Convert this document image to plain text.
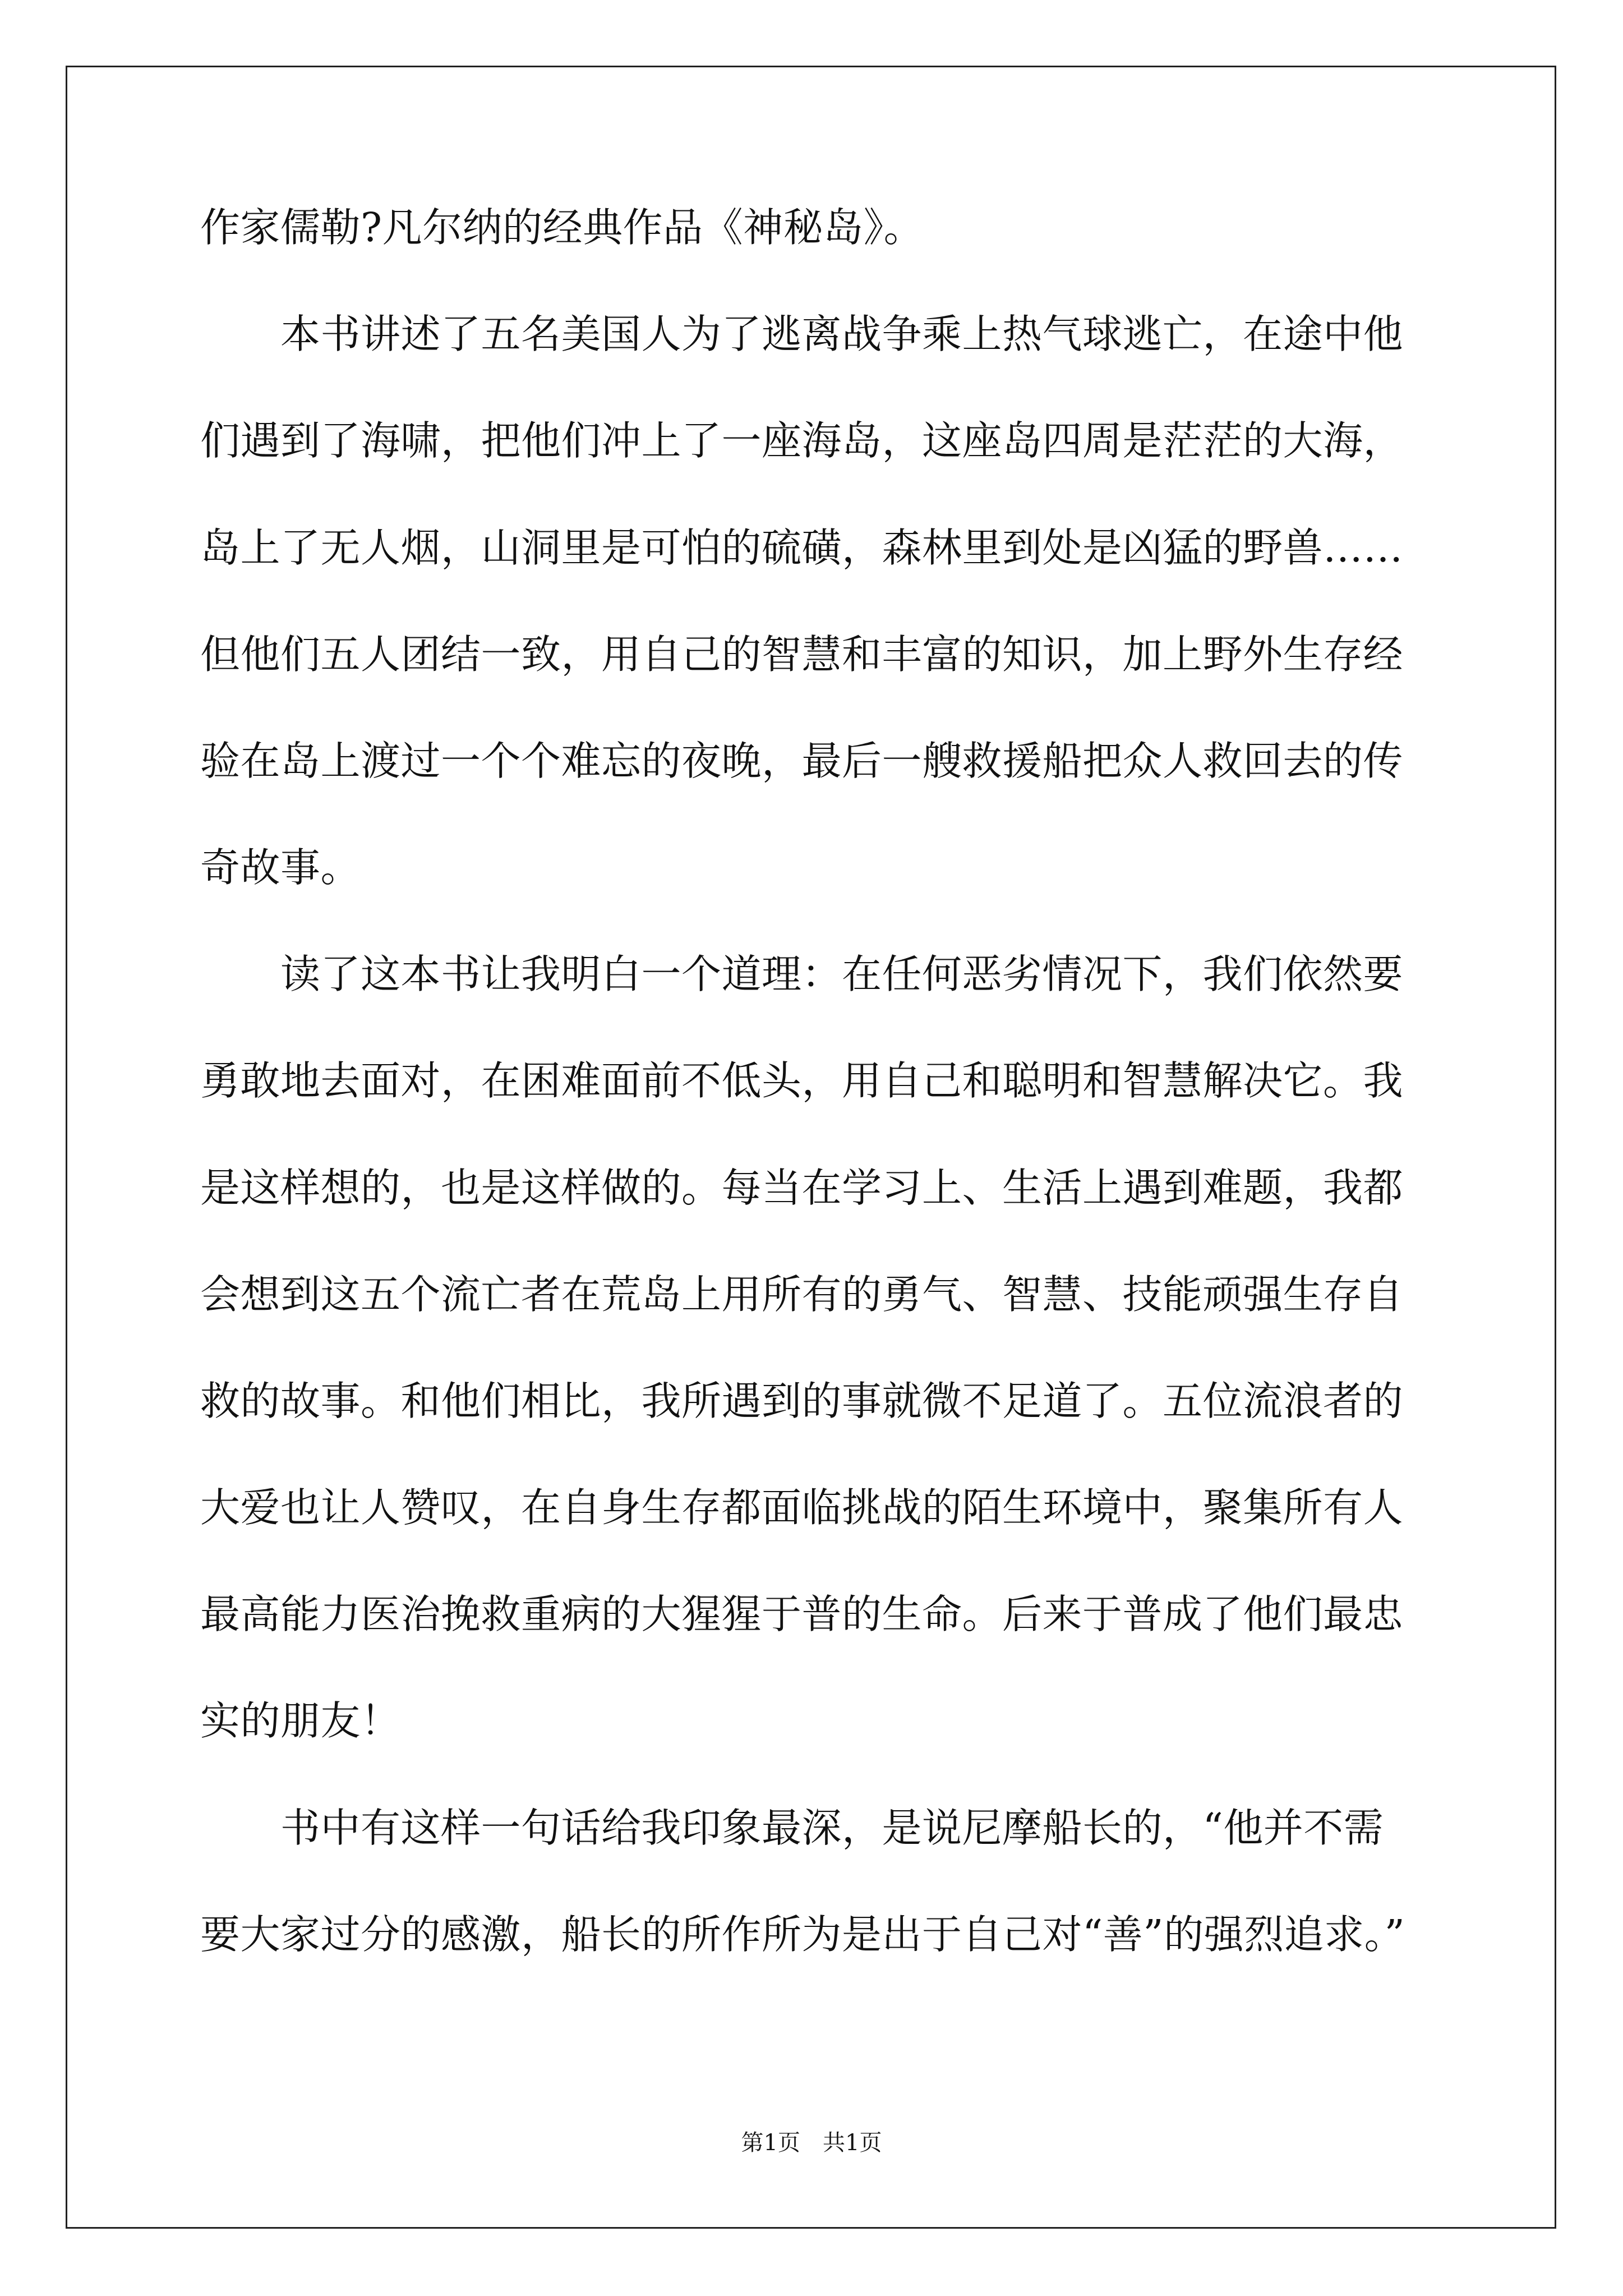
作家儒勒?凡尔纳的经典作品《神秘岛》。
本书讲述了五名美国人为了逃离战争乘上热气球逃亡，在途中他
们遇到了海啸，把他们冲上了一座海岛，这座岛四周是茫茫的大海，
岛上了无人烟，山洞里是可怕的硫磺，森林里到处是凶猛的野兽……
但他们五人团结一致，用自己的智慧和丰富的知识，加上野外生存经
验在岛上渡过一个个难忘的夜晚，最后一艘救援船把众人救回去的传
奇故事。
读了这本书让我明白一个道理：在任何恶劣情况下，我们依然要
勇敢地去面对，在困难面前不低头，用自己和聪明和智慧解决它。我
是这样想的，也是这样做的。每当在学习上、生活上遇到难题，我都
会想到这五个流亡者在荒岛上用所有的勇气、智慧、技能顽强生存自
救的故事。和他们相比，我所遇到的事就微不足道了。五位流浪者的
大爱也让人赞叹，在自身生存都面临挑战的陌生环境中，聚集所有人
最高能力医治挽救重病的大猩猩于普的生命。后来于普成了他们最忠
实的朋友！
书中有这样一句话给我印象最深，是说尼摩船长的，“他并不需
要大家过分的感激，船长的所作所为是出于自己对“善”的强烈追求。”
第1页　共1页
